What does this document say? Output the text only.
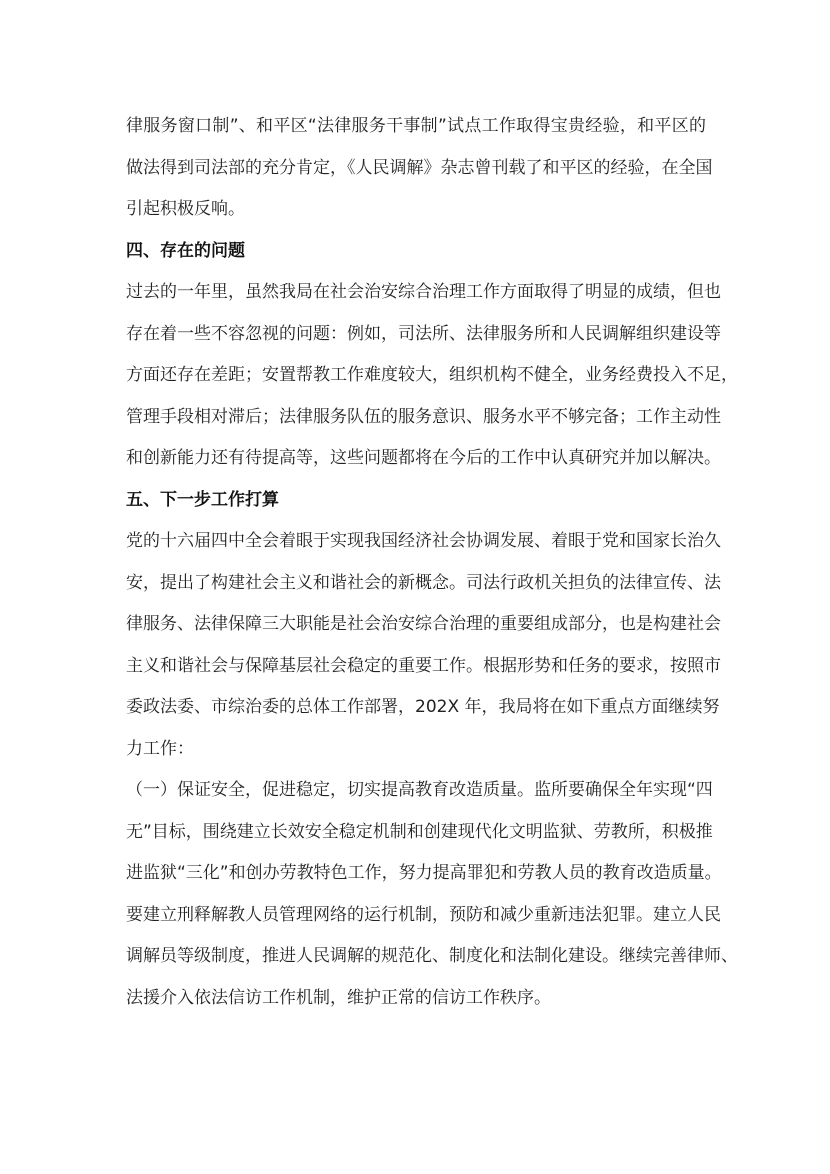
律服务窗口制”、和平区“法律服务干事制”试点工作取得宝贵经验，和平区的
做法得到司法部的充分肯定，《人民调解》杂志曾刊载了和平区的经验，在全国
引起积极反响。
四、存在的问题
过去的一年里，虽然我局在社会治安综合治理工作方面取得了明显的成绩，但也
存在着一些不容忽视的问题：例如，司法所、法律服务所和人民调解组织建设等
方面还存在差距；安置帮教工作难度较大，组织机构不健全，业务经费投入不足，
管理手段相对滞后；法律服务队伍的服务意识、服务水平不够完备；工作主动性
和创新能力还有待提高等，这些问题都将在今后的工作中认真研究并加以解决。
五、下一步工作打算
党的十六届四中全会着眼于实现我国经济社会协调发展、着眼于党和国家长治久
安，提出了构建社会主义和谐社会的新概念。司法行政机关担负的法律宣传、法
律服务、法律保障三大职能是社会治安综合治理的重要组成部分，也是构建社会
主义和谐社会与保障基层社会稳定的重要工作。根据形势和任务的要求，按照市
委政法委、市综治委的总体工作部署，202X 年，我局将在如下重点方面继续努
力工作：
（一）保证安全，促进稳定，切实提高教育改造质量。监所要确保全年实现“四
无”目标，围绕建立长效安全稳定机制和创建现代化文明监狱、劳教所，积极推
进监狱“三化”和创办劳教特色工作，努力提高罪犯和劳教人员的教育改造质量。
要建立刑释解教人员管理网络的运行机制，预防和减少重新违法犯罪。建立人民
调解员等级制度，推进人民调解的规范化、制度化和法制化建设。继续完善律师、
法援介入依法信访工作机制，维护正常的信访工作秩序。
